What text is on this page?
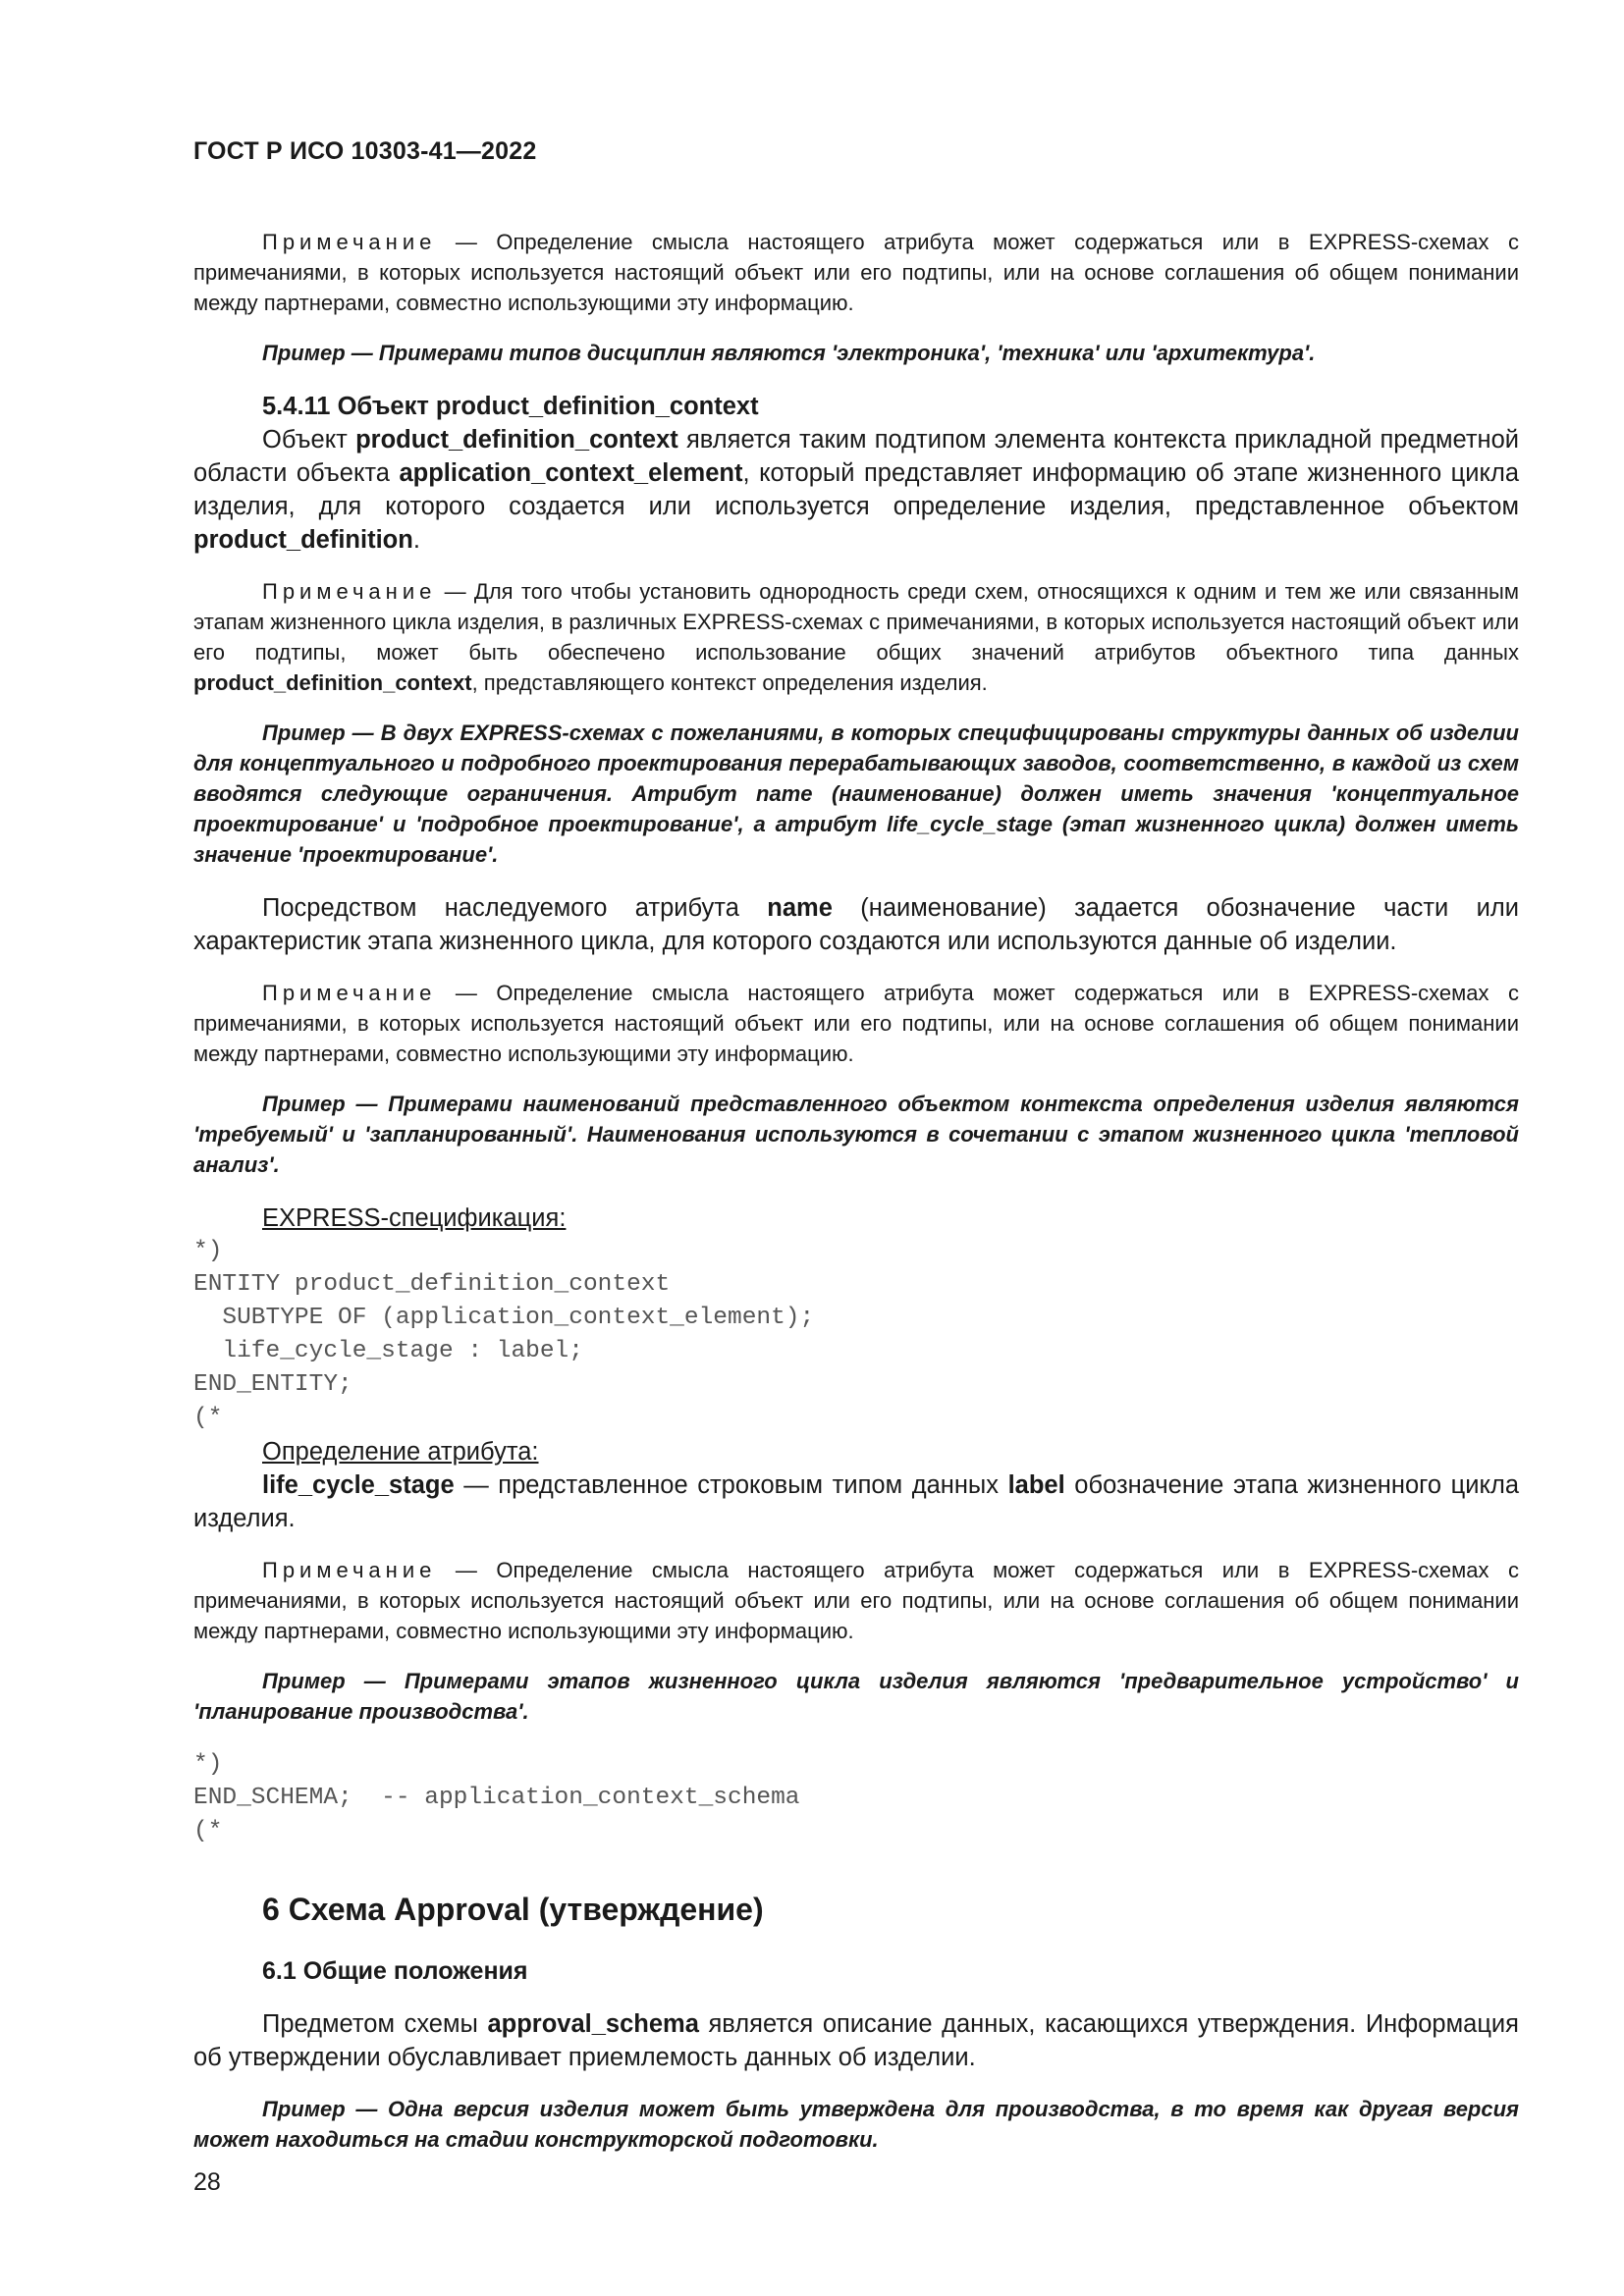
ГОСТ Р ИСО 10303-41—2022

Примечание — Определение смысла настоящего атрибута может содержаться или в EXPRESS-схемах с примечаниями, в которых используется настоящий объект или его подтипы, или на основе соглашения об общем понимании между партнерами, совместно использующими эту информацию.

Пример — Примерами типов дисциплин являются 'электроника', 'техника' или 'архитектура'.

5.4.11 Объект product_definition_context

Объект product_definition_context является таким подтипом элемента контекста прикладной предметной области объекта application_context_element, который представляет информацию об этапе жизненного цикла изделия, для которого создается или используется определение изделия, представленное объектом product_definition.

Примечание — Для того чтобы установить однородность среди схем, относящихся к одним и тем же или связанным этапам жизненного цикла изделия, в различных EXPRESS-схемах с примечаниями, в которых используется настоящий объект или его подтипы, может быть обеспечено использование общих значений атрибутов объектного типа данных product_definition_context, представляющего контекст определения изделия.

Пример — В двух EXPRESS-схемах с пожеланиями, в которых специфицированы структуры данных об изделии для концептуального и подробного проектирования перерабатывающих заводов, соответственно, в каждой из схем вводятся следующие ограничения. Атрибут name (наименование) должен иметь значения 'концептуальное проектирование' и 'подробное проектирование', а атрибут life_cycle_stage (этап жизненного цикла) должен иметь значение 'проектирование'.

Посредством наследуемого атрибута name (наименование) задается обозначение части или характеристик этапа жизненного цикла, для которого создаются или используются данные об изделии.

Примечание — Определение смысла настоящего атрибута может содержаться или в EXPRESS-схемах с примечаниями, в которых используется настоящий объект или его подтипы, или на основе соглашения об общем понимании между партнерами, совместно использующими эту информацию.

Пример — Примерами наименований представленного объектом контекста определения изделия являются 'требуемый' и 'запланированный'. Наименования используются в сочетании с этапом жизненного цикла 'тепловой анализ'.

EXPRESS-спецификация:

*)
ENTITY product_definition_context
SUBTYPE OF (application_context_element);
life_cycle_stage : label;
END_ENTITY;
(*

Определение атрибута:

life_cycle_stage — представленное строковым типом данных label обозначение этапа жизненного цикла изделия.

Примечание — Определение смысла настоящего атрибута может содержаться или в EXPRESS-схемах с примечаниями, в которых используется настоящий объект или его подтипы, или на основе соглашения об общем понимании между партнерами, совместно использующими эту информацию.

Пример — Примерами этапов жизненного цикла изделия являются 'предварительное устройство' и 'планирование производства'.

*)
END_SCHEMA;  -- application_context_schema
(*

6 Схема Approval (утверждение)

6.1 Общие положения

Предметом схемы approval_schema является описание данных, касающихся утверждения. Информация об утверждении обуславливает приемлемость данных об изделии.

Пример — Одна версия изделия может быть утверждена для производства, в то время как другая версия может находиться на стадии конструкторской подготовки.

28
